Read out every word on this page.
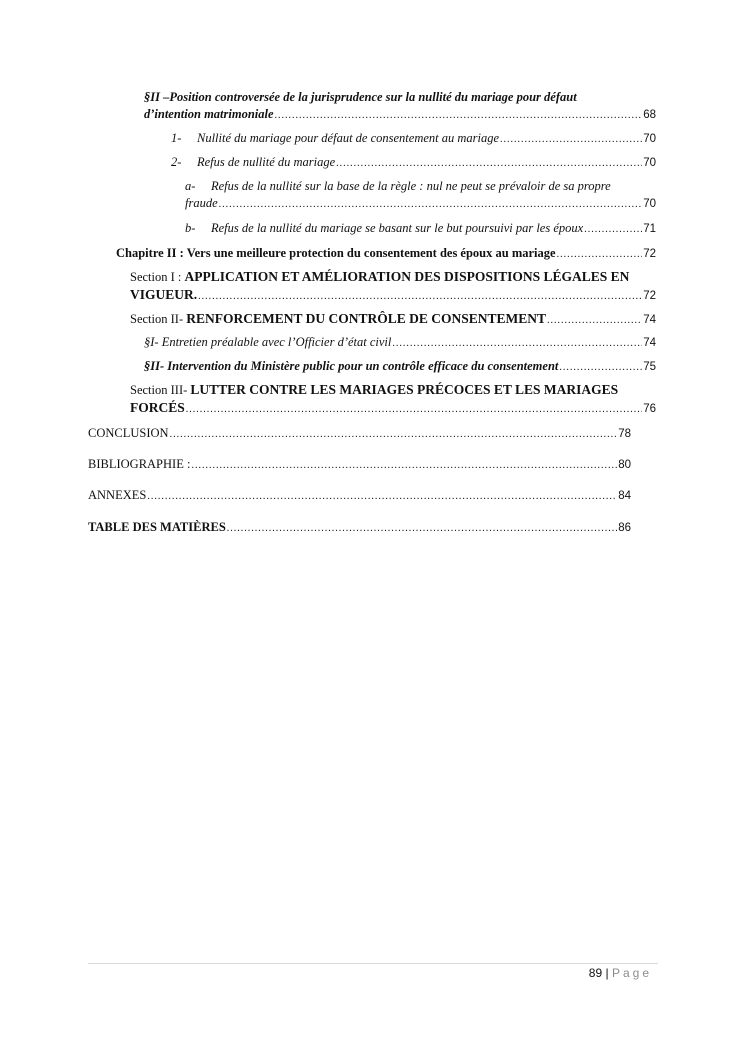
§II –Position controversée de la jurisprudence sur la nullité du mariage pour défaut
d’intention matrimoniale .....	68
1- Nullité du mariage pour défaut de consentement au mariage .....	70
2- Refus de nullité du mariage .....	70
a- Refus de la nullité sur la base de la règle : nul ne peut se prévaloir de sa propre
fraude .....	70
b- Refus de la nullité du mariage se basant sur le but poursuivi par les époux .....	71
Chapitre II : Vers une meilleure protection du consentement des époux au mariage .....	72
Section I : APPLICATION ET AMÉLIORATION DES DISPOSITIONS LÉGALES EN
VIGUEUR. .....	72
Section II- RENFORCEMENT DU CONTRÔLE DE CONSENTEMENT .....	74
§I- Entretien préalable avec l’Officier d’état civil .....	74
§II- Intervention du Ministère public pour un contrôle efficace du consentement .....	75
Section III- LUTTER CONTRE LES MARIAGES PRÉCOCES ET LES MARIAGES
FORCÉS .....	76
CONCLUSION .....	78
BIBLIOGRAPHIE : .....	80
ANNEXES .....	84
TABLE DES MATIÈRES .....	86
89 | Page
